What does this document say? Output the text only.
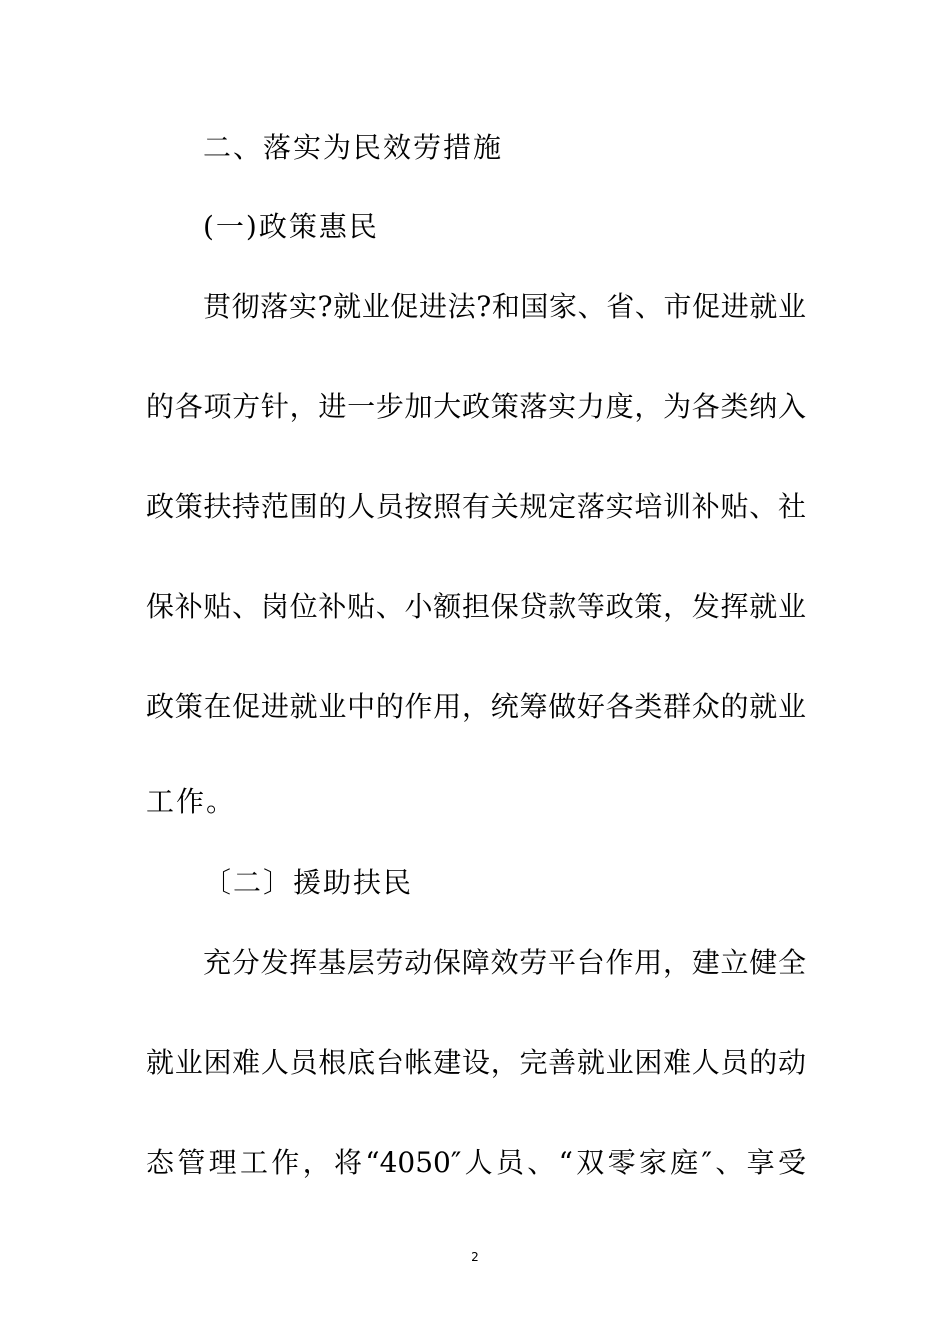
二、落实为民效劳措施
(一)政策惠民
贯彻落实?就业促进法?和国家、省、市促进就业
的各项方针，进一步加大政策落实力度，为各类纳入
政策扶持范围的人员按照有关规定落实培训补贴、社
保补贴、岗位补贴、小额担保贷款等政策，发挥就业
政策在促进就业中的作用，统筹做好各类群众的就业
工作。
〔二〕援助扶民
充分发挥基层劳动保障效劳平台作用，建立健全
就业困难人员根底台帐建设，完善就业困难人员的动
态管理工作，将“4050″人员、“双零家庭″、享受
2
